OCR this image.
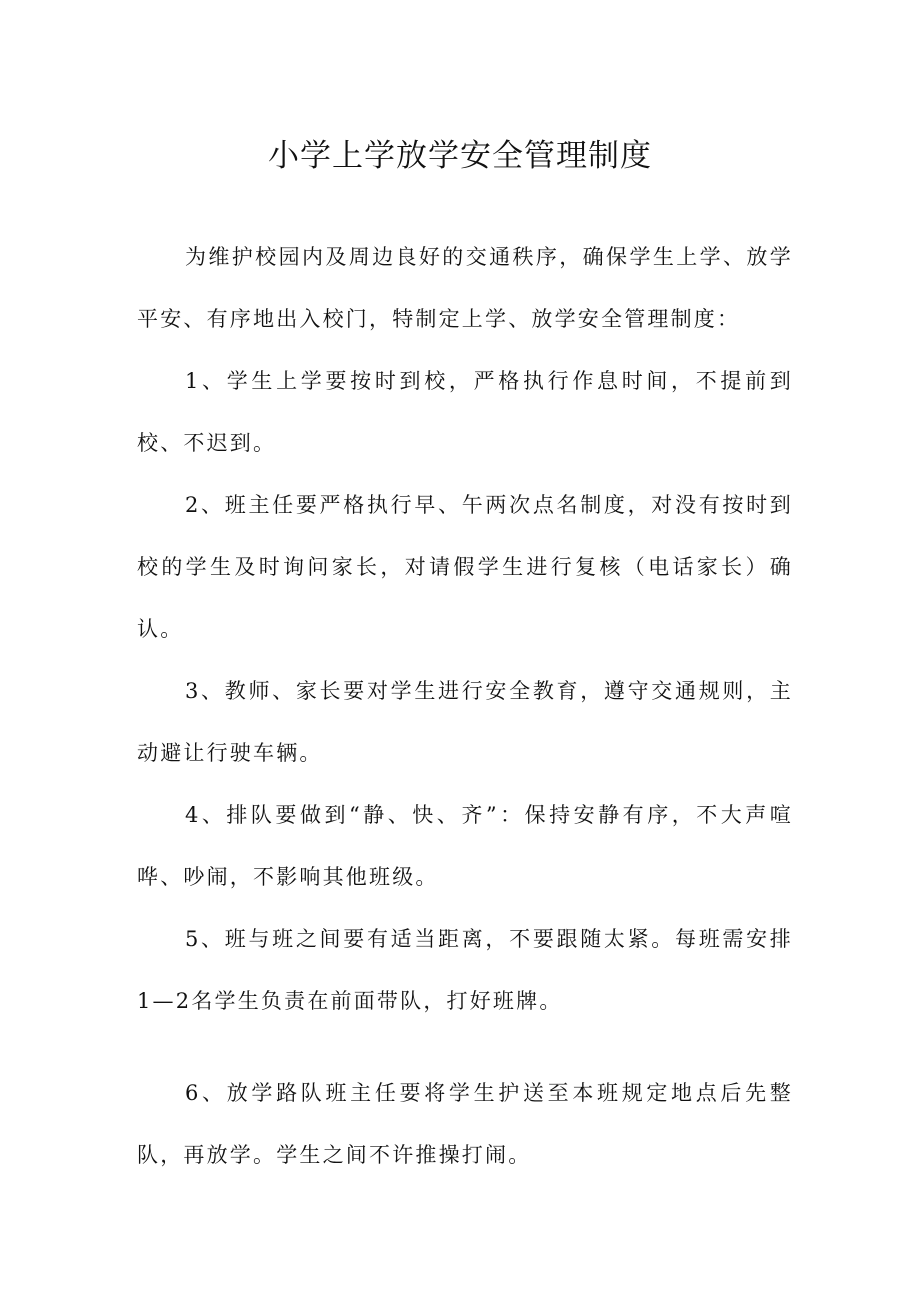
小学上学放学安全管理制度

为维护校园内及周边良好的交通秩序，确保学生上学、放学平安、有序地出入校门，特制定上学、放学安全管理制度：

1、学生上学要按时到校，严格执行作息时间，不提前到校、不迟到。

2、班主任要严格执行早、午两次点名制度，对没有按时到校的学生及时询问家长，对请假学生进行复核（电话家长）确认。

3、教师、家长要对学生进行安全教育，遵守交通规则，主动避让行驶车辆。

4、排队要做到“静、快、齐”：保持安静有序，不大声喧哗、吵闹，不影响其他班级。

5、班与班之间要有适当距离，不要跟随太紧。每班需安排1—2名学生负责在前面带队，打好班牌。

6、放学路队班主任要将学生护送至本班规定地点后先整队，再放学。学生之间不许推操打闹。
